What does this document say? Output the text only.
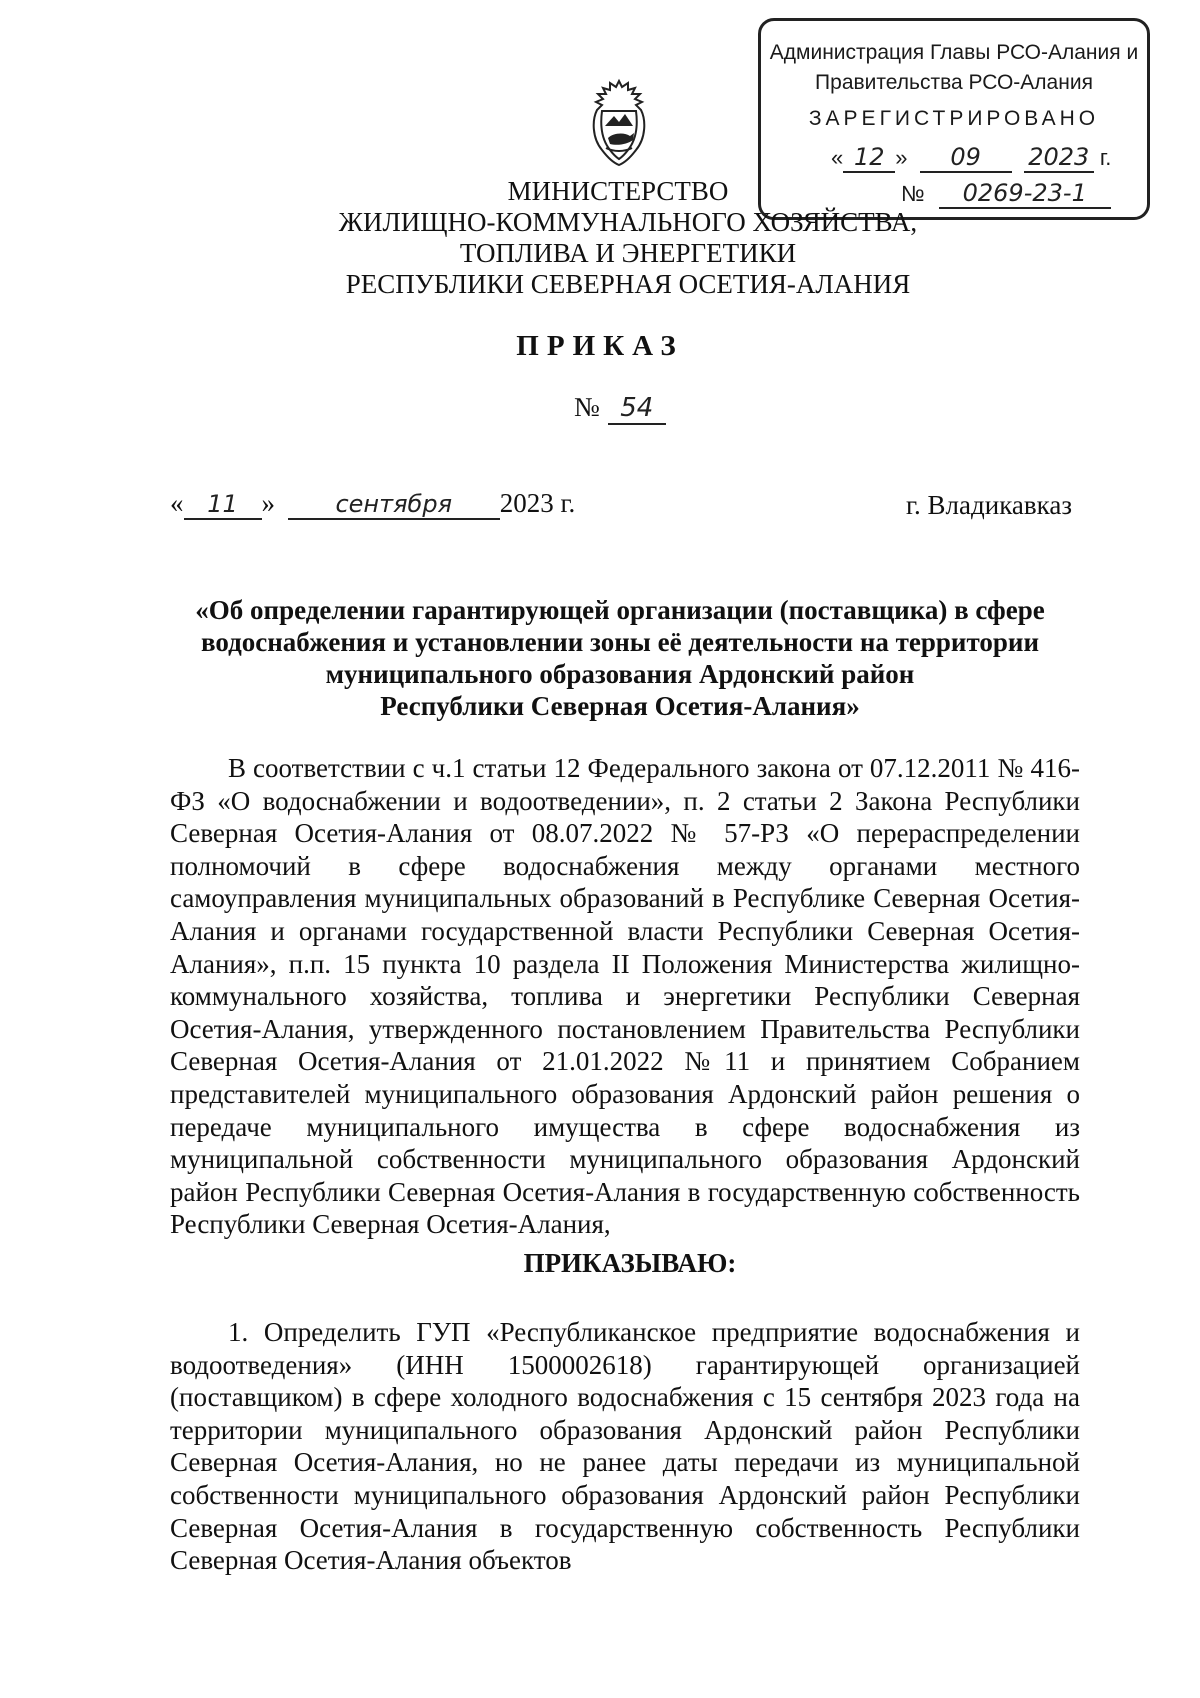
Администрация Главы РСО-Алания и
Правительства РСО-Алания
ЗАРЕГИСТРИРОВАНО
« 12 » 09 2023 г.
№ 0269-23-1
МИНИСТЕРСТВО
ЖИЛИЩНО-КОММУНАЛЬНОГО ХОЗЯЙСТВА,
ТОПЛИВА И ЭНЕРГЕТИКИ
РЕСПУБЛИКИ СЕВЕРНАЯ ОСЕТИЯ-АЛАНИЯ
ПРИКАЗ
№ 54
« 11 »	сентября 2023 г.	г. Владикавказ
«Об определении гарантирующей организации (поставщика) в сфере
водоснабжения и установлении зоны её деятельности на территории
муниципального образования Ардонский район
Республики Северная Осетия-Алания»

В соответствии с ч.1 статьи 12 Федерального закона от 07.12.2011 № 416-ФЗ «О водоснабжении и водоотведении», п. 2 статьи 2 Закона Республики Северная Осетия-Алания от 08.07.2022 № 57-РЗ «О перераспределении полномочий в сфере водоснабжения между органами местного самоуправления муниципальных образований в Республике Северная Осетия-Алания и органами государственной власти Республики Северная Осетия-Алания», п.п. 15 пункта 10 раздела II Положения Министерства жилищно-коммунального хозяйства, топлива и энергетики Республики Северная Осетия-Алания, утвержденного постановлением Правительства Республики Северная Осетия-Алания от 21.01.2022 №11 и принятием Собранием представителей муниципального образования Ардонский район решения о передаче муниципального имущества в сфере водоснабжения из муниципальной собственности муниципального образования Ардонский район Республики Северная Осетия-Алания в государственную собственность Республики Северная Осетия-Алания,

ПРИКАЗЫВАЮ:

1. Определить ГУП «Республиканское предприятие водоснабжения и водоотведения» (ИНН 1500002618) гарантирующей организацией (поставщиком) в сфере холодного водоснабжения с 15 сентября 2023 года на территории муниципального образования Ардонский район Республики Северная Осетия-Алания, но не ранее даты передачи из муниципальной собственности муниципального образования Ардонский район Республики Северная Осетия-Алания в государственную собственность Республики Северная Осетия-Алания объектов
